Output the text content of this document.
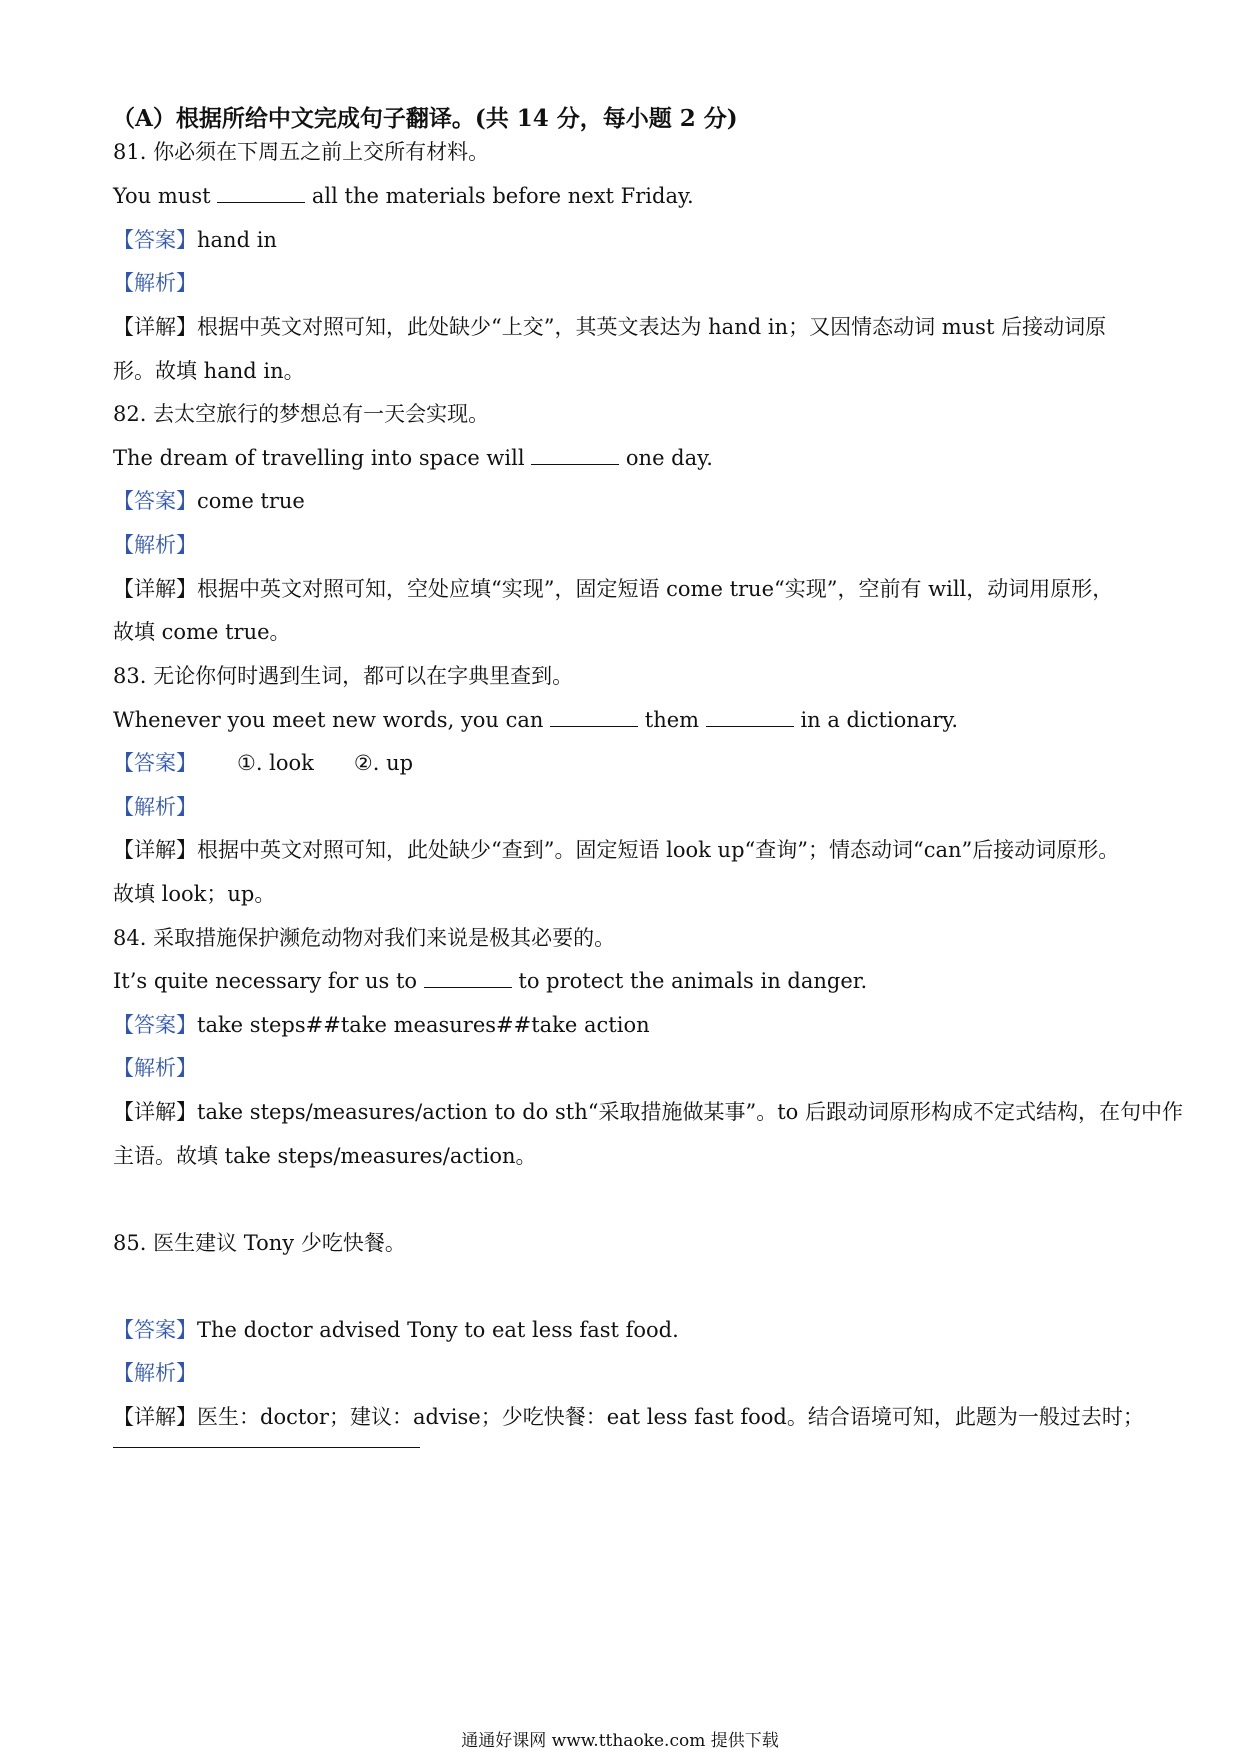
（A）根据所给中文完成句子翻译。(共 14 分，每小题 2 分)
81. 你必须在下周五之前上交所有材料。
You must	all the materials before next Friday.
【答案】hand in
【解析】
【详解】根据中英文对照可知，此处缺少“上交”，其英文表达为 hand in；又因情态动词 must 后接动词原
形。故填 hand in。
82. 去太空旅行的梦想总有一天会实现。
The dream of travelling into space will	one day.
【答案】come true
【解析】
【详解】根据中英文对照可知，空处应填“实现”，固定短语 come true“实现”，空前有 will，动词用原形，
故填 come true。
83. 无论你何时遇到生词，都可以在字典里查到。
Whenever you meet new words, you can	them	in a dictionary.
【答案】 ①. look ②. up
【解析】
【详解】根据中英文对照可知，此处缺少“查到”。固定短语 look up“查询”；情态动词“can”后接动词原形。
故填 look；up。
84. 采取措施保护濒危动物对我们来说是极其必要的。
It’s quite necessary for us to	to protect the animals in danger.
【答案】take steps##take measures##take action
【解析】
【详解】take steps/measures/action to do sth“采取措施做某事”。to 后跟动词原形构成不定式结构，在句中作
主语。故填 take steps/measures/action。
85. 医生建议 Tony 少吃快餐。
【答案】The doctor advised Tony to eat less fast food.
【解析】
【详解】医生：doctor；建议：advise；少吃快餐：eat less fast food。结合语境可知，此题为一般过去时；
通通好课网 www.tthaoke.com 提供下载
